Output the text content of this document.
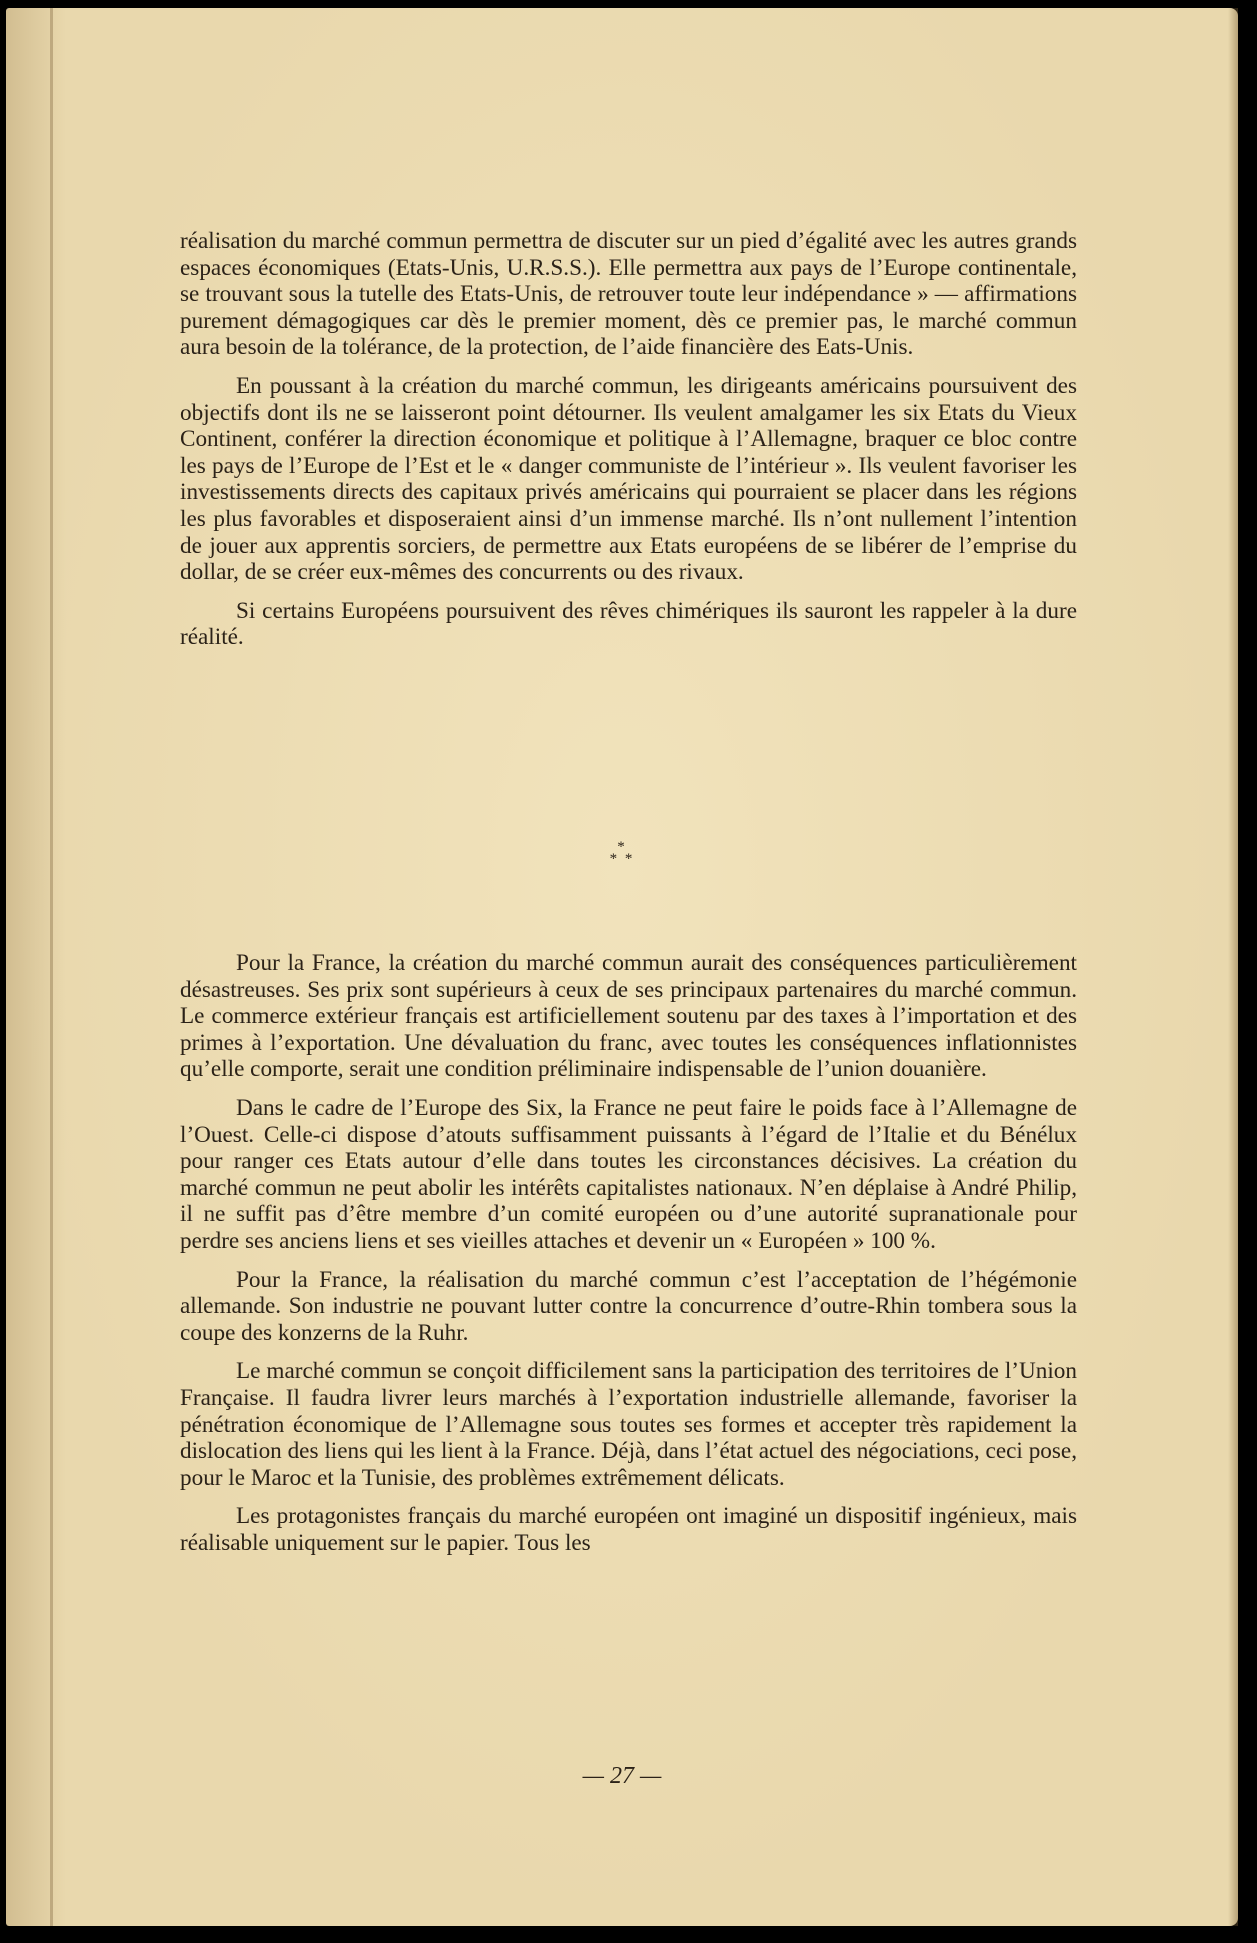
réalisation du marché commun permettra de discuter sur un pied d’égalité avec les autres grands espaces économiques (Etats-Unis, U.R.S.S.). Elle permettra aux pays de l’Europe continentale, se trouvant sous la tutelle des Etats-Unis, de retrouver toute leur indépendance » — affirmations purement démagogiques car dès le premier moment, dès ce premier pas, le marché commun aura besoin de la tolérance, de la protection, de l’aide financière des Eats-Unis.

En poussant à la création du marché commun, les dirigeants américains poursuivent des objectifs dont ils ne se laisseront point détourner. Ils veulent amalgamer les six Etats du Vieux Continent, conférer la direction économique et politique à l’Allemagne, braquer ce bloc contre les pays de l’Europe de l’Est et le « danger communiste de l’intérieur ». Ils veulent favoriser les investissements directs des capitaux privés américains qui pourraient se placer dans les régions les plus favorables et disposeraient ainsi d’un immense marché. Ils n’ont nullement l’intention de jouer aux apprentis sorciers, de permettre aux Etats européens de se libérer de l’emprise du dollar, de se créer eux-mêmes des concurrents ou des rivaux.

Si certains Européens poursuivent des rêves chimériques ils sauront les rappeler à la dure réalité.

*
* *

Pour la France, la création du marché commun aurait des conséquences particulièrement désastreuses. Ses prix sont supérieurs à ceux de ses principaux partenaires du marché commun. Le commerce extérieur français est artificiellement soutenu par des taxes à l’importation et des primes à l’exportation. Une dévaluation du franc, avec toutes les conséquences inflationnistes qu’elle comporte, serait une condition préliminaire indispensable de l’union douanière.

Dans le cadre de l’Europe des Six, la France ne peut faire le poids face à l’Allemagne de l’Ouest. Celle-ci dispose d’atouts suffisamment puissants à l’égard de l’Italie et du Bénélux pour ranger ces Etats autour d’elle dans toutes les circonstances décisives. La création du marché commun ne peut abolir les intérêts capitalistes nationaux. N’en déplaise à André Philip, il ne suffit pas d’être membre d’un comité européen ou d’une autorité supranationale pour perdre ses anciens liens et ses vieilles attaches et devenir un « Européen » 100 %.

Pour la France, la réalisation du marché commun c’est l’acceptation de l’hégémonie allemande. Son industrie ne pouvant lutter contre la concurrence d’outre-Rhin tombera sous la coupe des konzerns de la Ruhr.

Le marché commun se conçoit difficilement sans la participation des territoires de l’Union Française. Il faudra livrer leurs marchés à l’exportation industrielle allemande, favoriser la pénétration économique de l’Allemagne sous toutes ses formes et accepter très rapidement la dislocation des liens qui les lient à la France. Déjà, dans l’état actuel des négociations, ceci pose, pour le Maroc et la Tunisie, des problèmes extrêmement délicats.

Les protagonistes français du marché européen ont imaginé un dispositif ingénieux, mais réalisable uniquement sur le papier. Tous les

— 27 —
